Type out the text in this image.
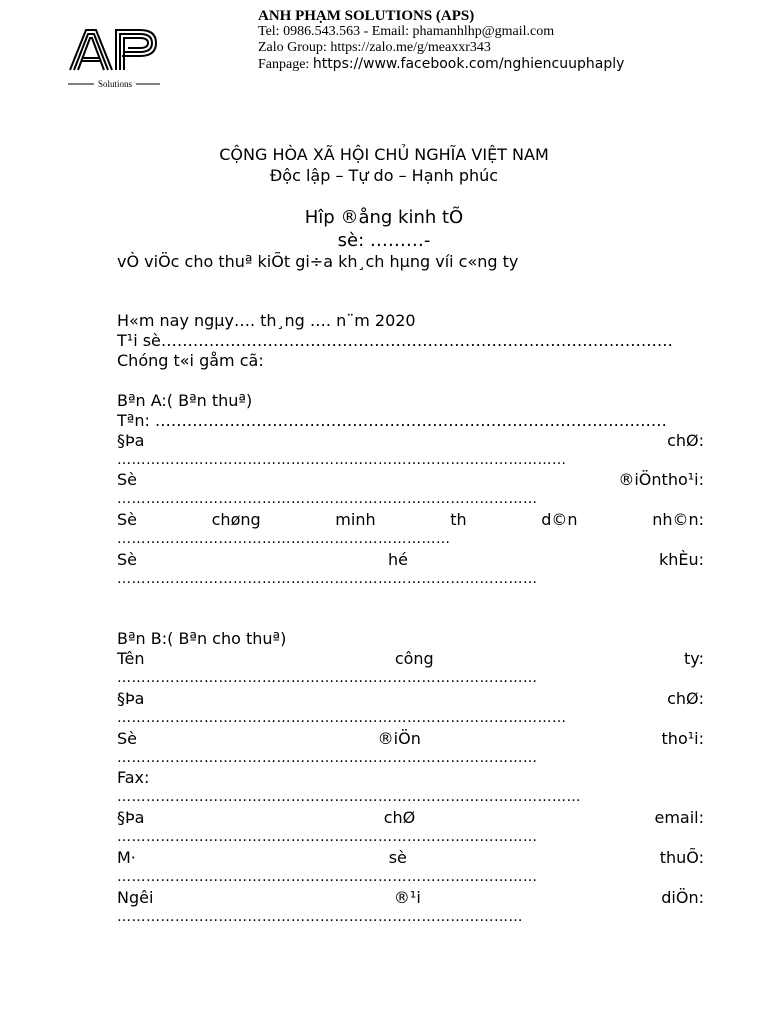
Solutions
ANH PHẠM SOLUTIONS (APS)
Tel: 0986.543.563 - Email: phamanhlhp@gmail.com
Zalo Group: https://zalo.me/g/meaxxr343
Fanpage: https://www.facebook.com/nghiencuuphaply
CỘNG HÒA XÃ HỘI CHỦ NGHĨA VIỆT NAM
Độc lập – Tự do – Hạnh phúc
Hîp ®ång kinh tÕ
sè: ………-
vÒ viÖc cho thuª kiÕt gi÷a kh¸ch hµng víi c«ng ty
H«m nay ngµy…. th¸ng …. n¨m 2020
T¹i sè……………………………………………………………………………………
Chóng t«i gåm cã:
Bªn A:( Bªn thuª)
Tªn: ……………………………………………………………………………………
§Þa	chØ:
…………………………………………………………………………………
Sè	®iÖntho¹i:
……………………………………………………………………………
Sè	chøng	minh	th	d©n	nh©n:
……………………………………………………………
Sè	hé	khÈu:
……………………………………………………………………………
Bªn B:( Bªn cho thuª)
Tên	công	ty:
……………………………………………………………………………
§Þa	chØ:
…………………………………………………………………………………
Sè	®iÖn	tho¹i:
……………………………………………………………………………
Fax:
……………………………………………………………………………………
§Þa	chØ	email:
……………………………………………………………………………
M·	sè	thuÕ:
……………………………………………………………………………
Ngêi	®¹i	diÖn:
…………………………………………………………………………
